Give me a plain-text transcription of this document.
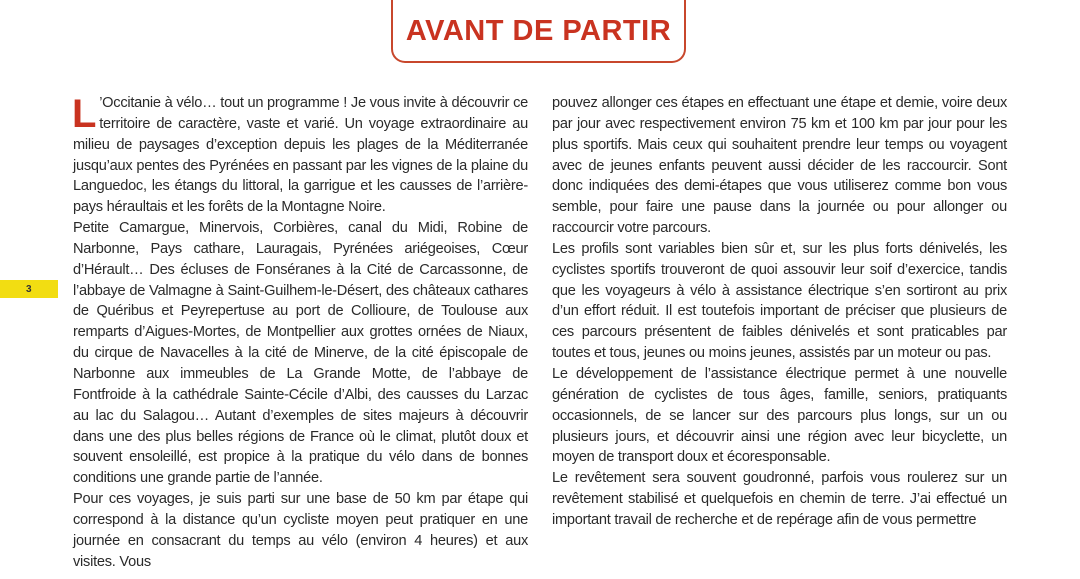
AVANT DE PARTIR
3

L ’Occitanie à vélo… tout un programme ! Je vous invite à découvrir ce territoire de caractère, vaste et varié. Un voyage extraordinaire au milieu de paysages d’exception depuis les plages de la Méditerranée jusqu’aux pentes des Pyrénées en passant par les vignes de la plaine du Languedoc, les étangs du littoral, la garrigue et les causses de l’arrière-pays héraultais et les forêts de la Montagne Noire.

Petite Camargue, Minervois, Corbières, canal du Midi, Robine de Narbonne, Pays cathare, Lauragais, Pyrénées ariégeoises, Cœur d’Hérault… Des écluses de Fonséranes à la Cité de Carcassonne, de l’abbaye de Valmagne à Saint-Guilhem-le-Désert, des châteaux cathares de Quéribus et Peyrepertuse au port de Collioure, de Toulouse aux remparts d’Aigues-Mortes, de Montpellier aux grottes ornées de Niaux, du cirque de Navacelles à la cité de Minerve, de la cité épiscopale de Narbonne aux immeubles de La Grande Motte, de l’abbaye de Fontfroide à la cathédrale Sainte-Cécile d’Albi, des causses du Larzac au lac du Salagou… Autant d’exemples de sites majeurs à découvrir dans une des plus belles régions de France où le climat, plutôt doux et souvent ensoleillé, est propice à la pratique du vélo dans de bonnes conditions une grande partie de l’année.

Pour ces voyages, je suis parti sur une base de 50 km par étape qui correspond à la distance qu’un cycliste moyen peut pratiquer en une journée en consacrant du temps au vélo (environ 4 heures) et aux visites. Vous

pouvez allonger ces étapes en effectuant une étape et demie, voire deux par jour avec respectivement environ 75 km et 100 km par jour pour les plus sportifs. Mais ceux qui souhaitent prendre leur temps ou voyagent avec de jeunes enfants peuvent aussi décider de les raccourcir. Sont donc indiquées des demi-étapes que vous utiliserez comme bon vous semble, pour faire une pause dans la journée ou pour allonger ou raccourcir votre parcours.

Les profils sont variables bien sûr et, sur les plus forts dénivelés, les cyclistes sportifs trouveront de quoi assouvir leur soif d’exercice, tandis que les voyageurs à vélo à assistance électrique s’en sortiront au prix d’un effort réduit. Il est toutefois important de préciser que plusieurs de ces parcours présentent de faibles dénivelés et sont praticables par toutes et tous, jeunes ou moins jeunes, assistés par un moteur ou pas.

Le développement de l’assistance électrique permet à une nouvelle génération de cyclistes de tous âges, famille, seniors, pratiquants occasionnels, de se lancer sur des parcours plus longs, sur un ou plusieurs jours, et découvrir ainsi une région avec leur bicyclette, un moyen de transport doux et écoresponsable.

Le revêtement sera souvent goudronné, parfois vous roulerez sur un revêtement stabilisé et quelquefois en chemin de terre. J’ai effectué un important travail de recherche et de repérage afin de vous permettre
